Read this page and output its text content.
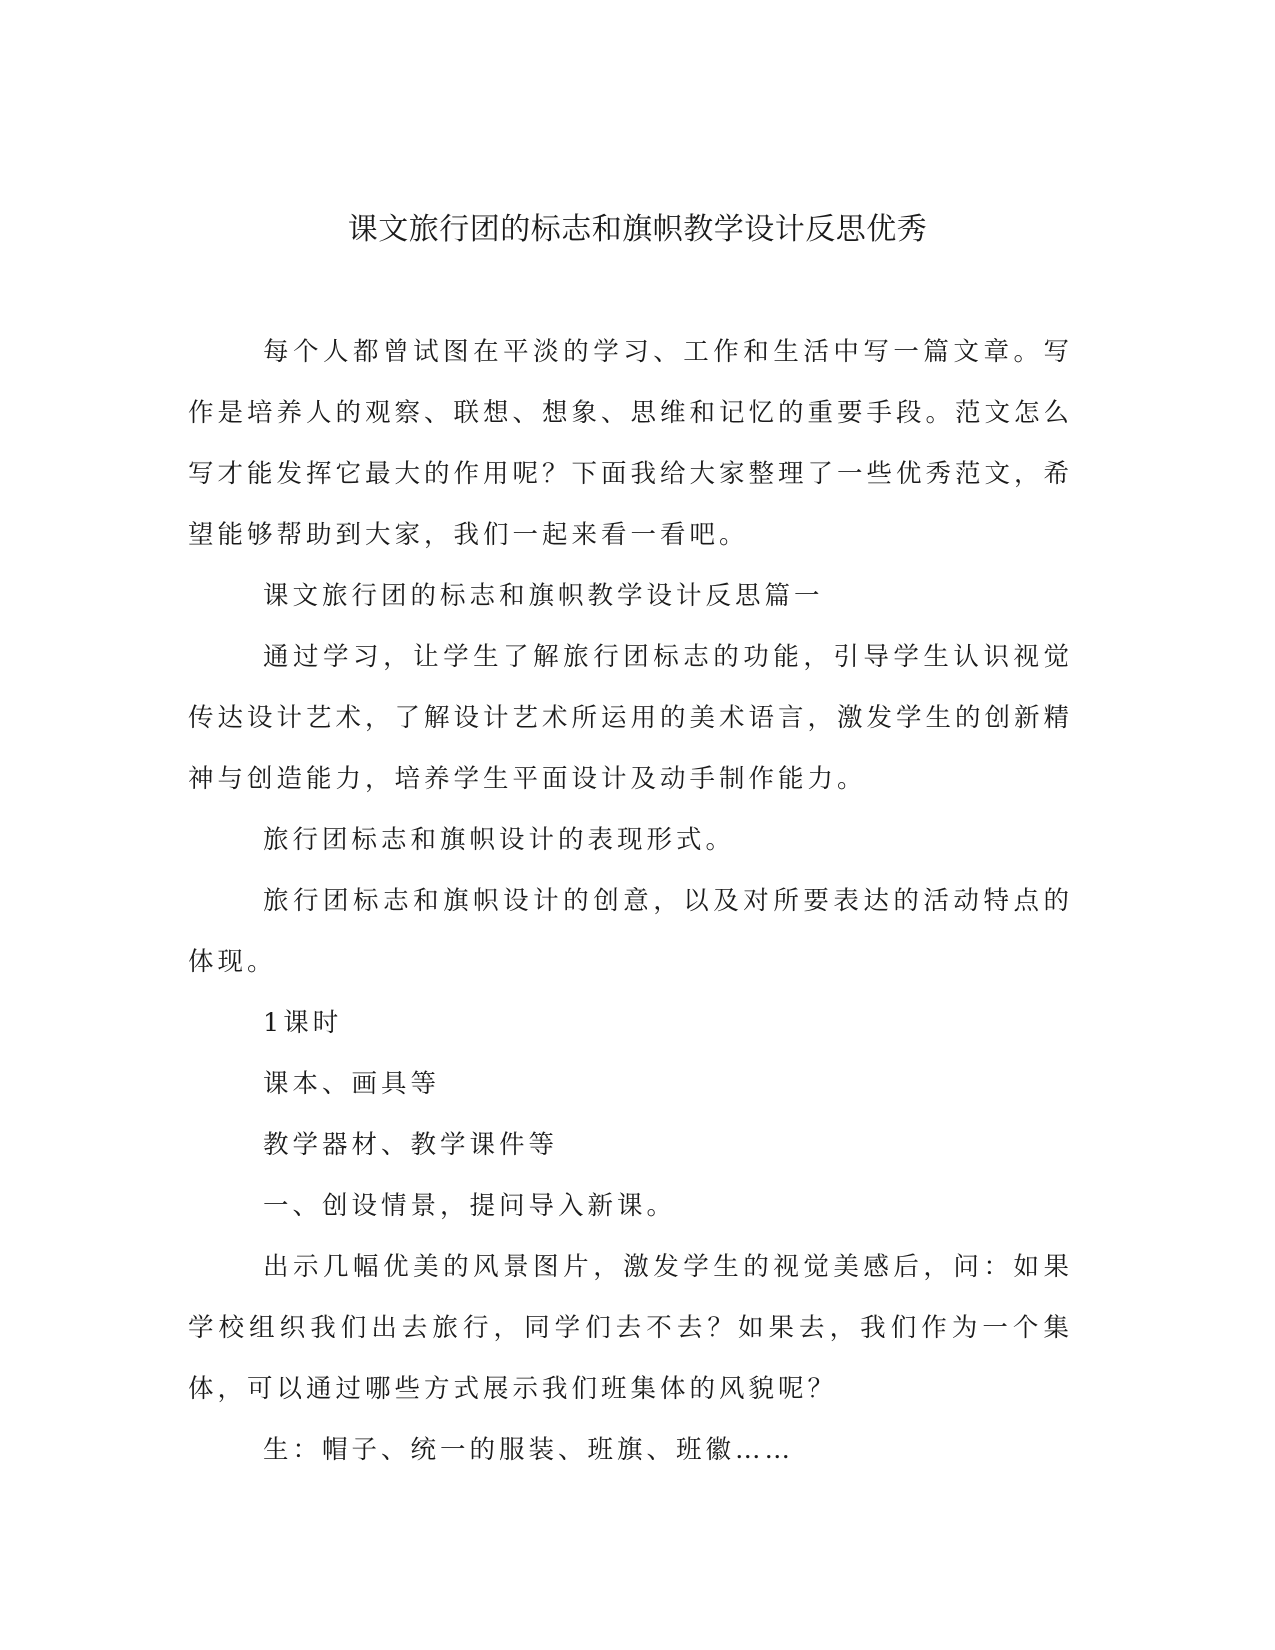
课文旅行团的标志和旗帜教学设计反思优秀

每个人都曾试图在平淡的学习、工作和生活中写一篇文章。写作是培养人的观察、联想、想象、思维和记忆的重要手段。范文怎么写才能发挥它最大的作用呢？下面我给大家整理了一些优秀范文，希望能够帮助到大家，我们一起来看一看吧。

课文旅行团的标志和旗帜教学设计反思篇一

通过学习，让学生了解旅行团标志的功能，引导学生认识视觉传达设计艺术，了解设计艺术所运用的美术语言，激发学生的创新精神与创造能力，培养学生平面设计及动手制作能力。

旅行团标志和旗帜设计的表现形式。

旅行团标志和旗帜设计的创意，以及对所要表达的活动特点的体现。

1课时

课本、画具等

教学器材、教学课件等

一、创设情景，提问导入新课。

出示几幅优美的风景图片，激发学生的视觉美感后，问：如果学校组织我们出去旅行，同学们去不去？如果去，我们作为一个集体，可以通过哪些方式展示我们班集体的风貌呢？

生：帽子、统一的服装、班旗、班徽……
